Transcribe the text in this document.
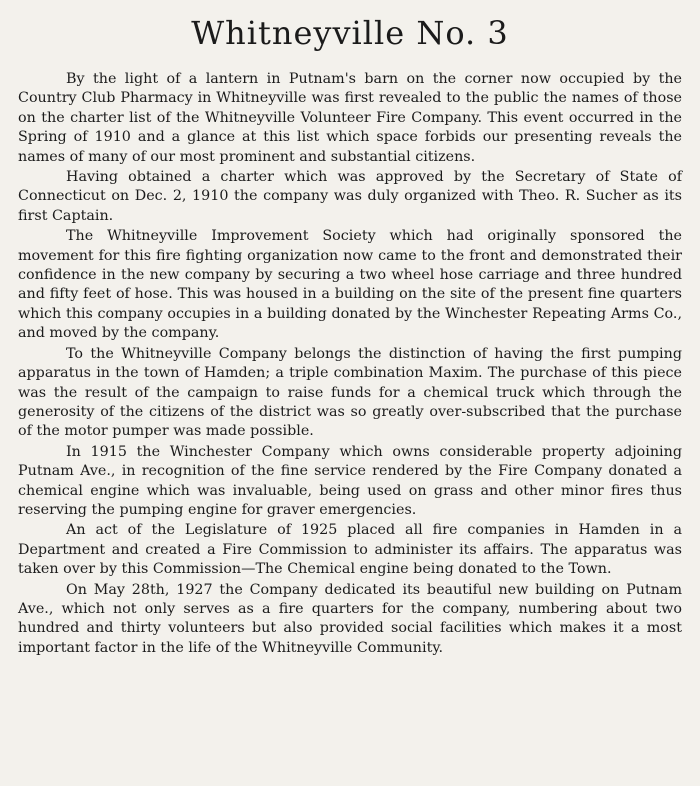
Whitneyville No. 3

By the light of a lantern in Putnam's barn on the corner now occupied by the Country Club Pharmacy in Whitneyville was first revealed to the public the names of those on the charter list of the Whitneyville Volunteer Fire Company. This event occurred in the Spring of 1910 and a glance at this list which space forbids our presenting reveals the names of many of our most prominent and substantial citizens.

Having obtained a charter which was approved by the Secretary of State of Connecticut on Dec. 2, 1910 the company was duly organized with Theo. R. Sucher as its first Captain.

The Whitneyville Improvement Society which had originally sponsored the movement for this fire fighting organization now came to the front and demonstrated their confidence in the new company by securing a two wheel hose carriage and three hundred and fifty feet of hose. This was housed in a building on the site of the present fine quarters which this company occupies in a building donated by the Winchester Repeating Arms Co., and moved by the company.

To the Whitneyville Company belongs the distinction of having the first pumping apparatus in the town of Hamden; a triple combination Maxim. The purchase of this piece was the result of the campaign to raise funds for a chemical truck which through the generosity of the citizens of the district was so greatly over-subscribed that the purchase of the motor pumper was made possible.

In 1915 the Winchester Company which owns considerable property adjoining Putnam Ave., in recognition of the fine service rendered by the Fire Company donated a chemical engine which was invaluable, being used on grass and other minor fires thus reserving the pumping engine for graver emergencies.

An act of the Legislature of 1925 placed all fire companies in Hamden in a Department and created a Fire Commission to administer its affairs. The apparatus was taken over by this Commission—The Chemical engine being donated to the Town.

On May 28th, 1927 the Company dedicated its beautiful new building on Putnam Ave., which not only serves as a fire quarters for the company, numbering about two hundred and thirty volunteers but also provided social facilities which makes it a most important factor in the life of the Whitneyville Community.
